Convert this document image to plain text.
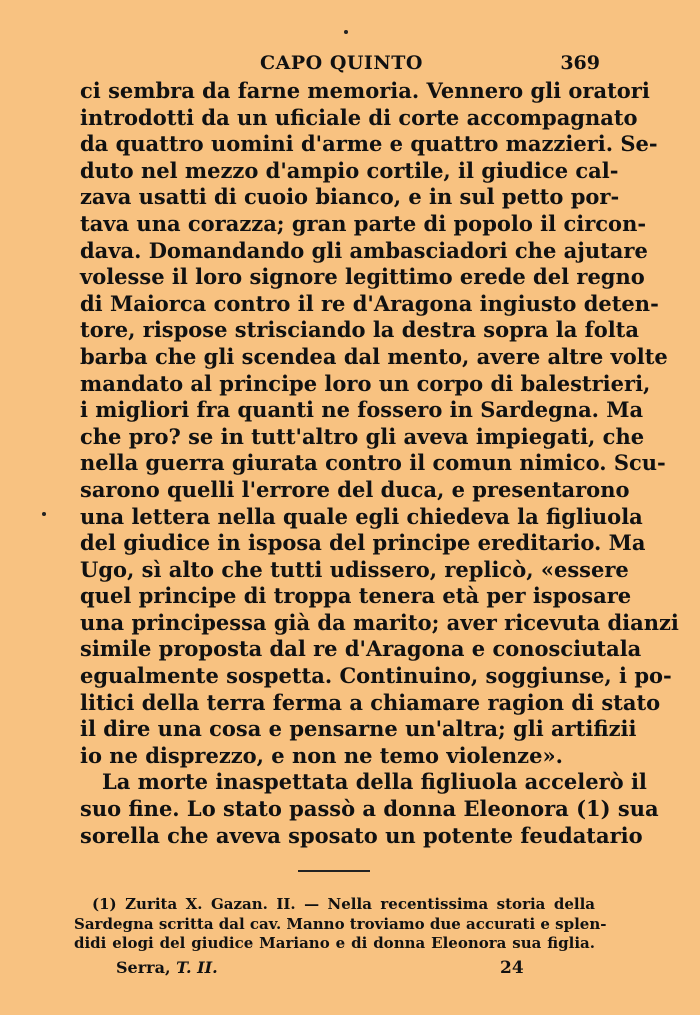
CAPO QUINTO	369
ci sembra da farne memoria. Vennero gli oratori
introdotti da un uficiale di corte accompagnato
da quattro uomini d'arme e quattro mazzieri. Se-
duto nel mezzo d'ampio cortile, il giudice cal-
zava usatti di cuoio bianco, e in sul petto por-
tava una corazza; gran parte di popolo il circon-
dava. Domandando gli ambasciadori che ajutare
volesse il loro signore legittimo erede del regno
di Maiorca contro il re d'Aragona ingiusto deten-
tore, rispose strisciando la destra sopra la folta
barba che gli scendea dal mento, avere altre volte
mandato al principe loro un corpo di balestrieri,
i migliori fra quanti ne fossero in Sardegna. Ma
che pro? se in tutt'altro gli aveva impiegati, che
nella guerra giurata contro il comun nimico. Scu-
sarono quelli l'errore del duca, e presentarono
una lettera nella quale egli chiedeva la figliuola
del giudice in isposa del principe ereditario. Ma
Ugo, sì alto che tutti udissero, replicò, «essere
quel principe di troppa tenera età per isposare
una principessa già da marito; aver ricevuta dianzi
simile proposta dal re d'Aragona e conosciutala
egualmente sospetta. Continuino, soggiunse, i po-
litici della terra ferma a chiamare ragion di stato
il dire una cosa e pensarne un'altra; gli artifizii
io ne disprezzo, e non ne temo violenze».
La morte inaspettata della figliuola accelerò il
suo fine. Lo stato passò a donna Eleonora (1) sua
sorella che aveva sposato un potente feudatario
(1) Zurita X. Gazan. II. — Nella recentissima storia della
Sardegna scritta dal cav. Manno troviamo due accurati e splen-
didi elogi del giudice Mariano e di donna Eleonora sua figlia.
Serra, T. II.	24
